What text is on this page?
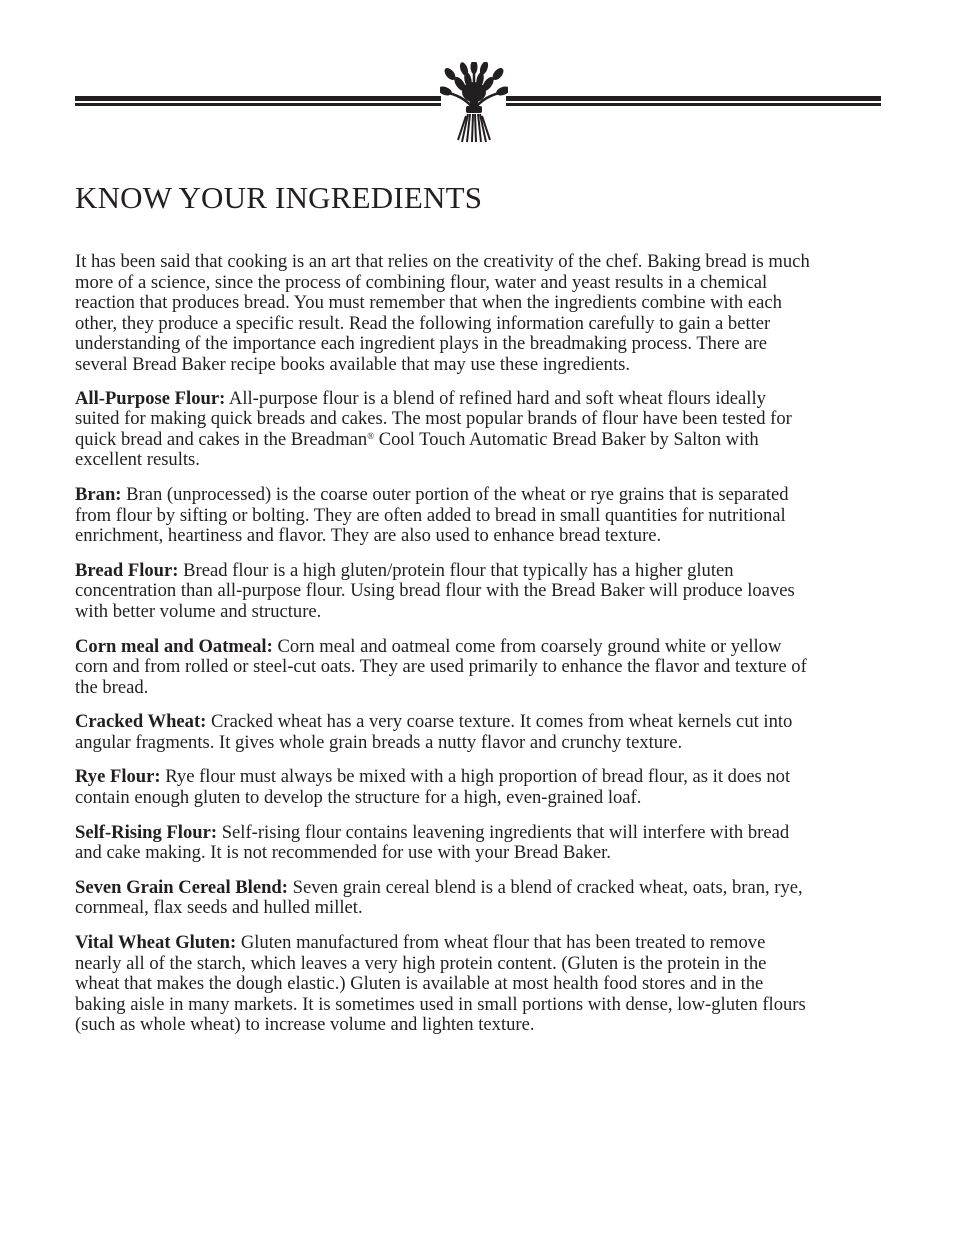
KNOW YOUR INGREDIENTS

It has been said that cooking is an art that relies on the creativity of the chef. Baking bread is much more of a science, since the process of combining flour, water and yeast results in a chemical reaction that produces bread. You must remember that when the ingredients combine with each other, they produce a specific result. Read the following information carefully to gain a better understanding of the importance each ingredient plays in the breadmaking process. There are several Bread Baker recipe books available that may use these ingredients.

All-Purpose Flour: All-purpose flour is a blend of refined hard and soft wheat flours ideally suited for making quick breads and cakes. The most popular brands of flour have been tested for quick bread and cakes in the Breadman® Cool Touch Automatic Bread Baker by Salton with excellent results.

Bran: Bran (unprocessed) is the coarse outer portion of the wheat or rye grains that is separated from flour by sifting or bolting. They are often added to bread in small quantities for nutritional enrichment, heartiness and flavor. They are also used to enhance bread texture.

Bread Flour: Bread flour is a high gluten/protein flour that typically has a higher gluten concentration than all-purpose flour. Using bread flour with the Bread Baker will produce loaves with better volume and structure.

Corn meal and Oatmeal: Corn meal and oatmeal come from coarsely ground white or yellow corn and from rolled or steel-cut oats. They are used primarily to enhance the flavor and texture of the bread.

Cracked Wheat: Cracked wheat has a very coarse texture. It comes from wheat kernels cut into angular fragments. It gives whole grain breads a nutty flavor and crunchy texture.

Rye Flour: Rye flour must always be mixed with a high proportion of bread flour, as it does not contain enough gluten to develop the structure for a high, even-grained loaf.

Self-Rising Flour: Self-rising flour contains leavening ingredients that will interfere with bread and cake making. It is not recommended for use with your Bread Baker.

Seven Grain Cereal Blend: Seven grain cereal blend is a blend of cracked wheat, oats, bran, rye, cornmeal, flax seeds and hulled millet.

Vital Wheat Gluten: Gluten manufactured from wheat flour that has been treated to remove nearly all of the starch, which leaves a very high protein content. (Gluten is the protein in the wheat that makes the dough elastic.) Gluten is available at most health food stores and in the baking aisle in many markets. It is sometimes used in small portions with dense, low-gluten flours (such as whole wheat) to increase volume and lighten texture.
